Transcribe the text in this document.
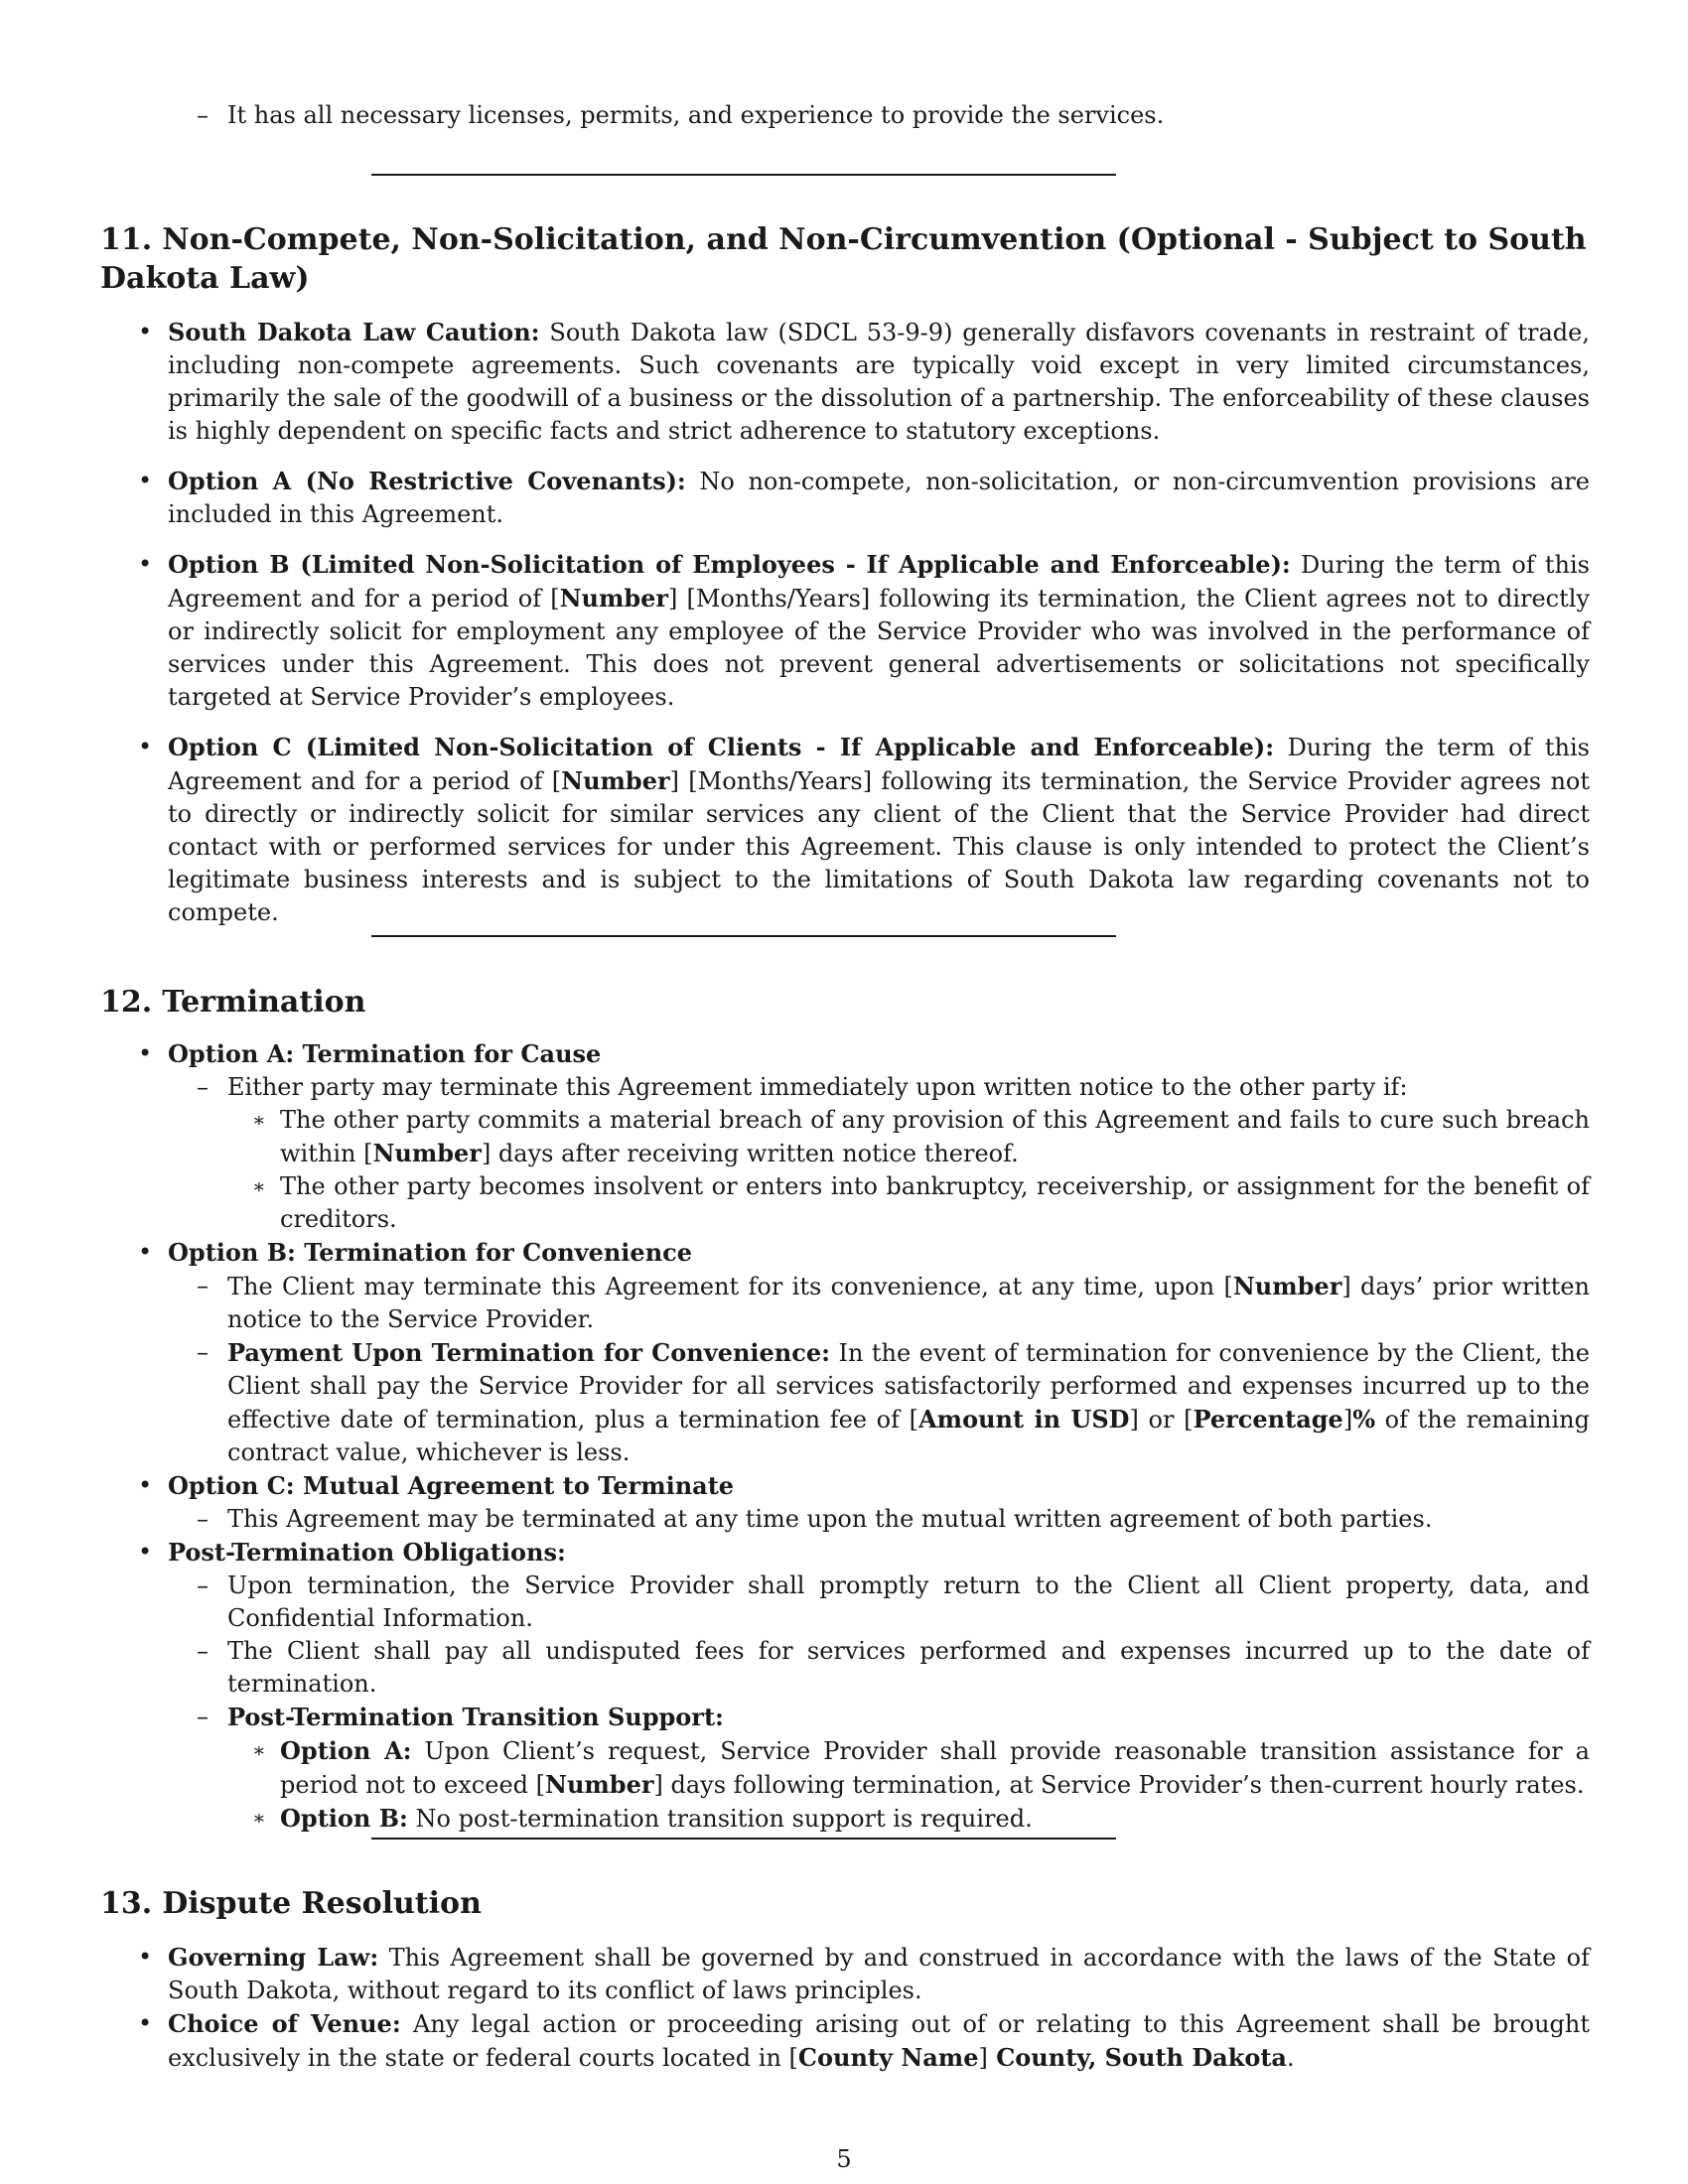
– It has all necessary licenses, permits, and experience to provide the services.
11. Non-Compete, Non-Solicitation, and Non-Circumvention (Optional - Subject to South Dakota Law)
• South Dakota Law Caution: South Dakota law (SDCL 53-9-9) generally disfavors covenants in restraint of trade, including non-compete agreements. Such covenants are typically void except in very limited circumstances, primarily the sale of the goodwill of a business or the dissolution of a partnership. The enforceability of these clauses is highly dependent on specific facts and strict adherence to statutory exceptions.
• Option A (No Restrictive Covenants): No non-compete, non-solicitation, or non-circumvention provisions are included in this Agreement.
• Option B (Limited Non-Solicitation of Employees - If Applicable and Enforceable): During the term of this Agreement and for a period of [Number] [Months/Years] following its termination, the Client agrees not to directly or indirectly solicit for employment any employee of the Service Provider who was involved in the performance of services under this Agreement. This does not prevent general advertisements or solicitations not specifically targeted at Service Provider’s employees.
• Option C (Limited Non-Solicitation of Clients - If Applicable and Enforceable): During the term of this Agreement and for a period of [Number] [Months/Years] following its termination, the Service Provider agrees not to directly or indirectly solicit for similar services any client of the Client that the Service Provider had direct contact with or performed services for under this Agreement. This clause is only intended to protect the Client’s legitimate business interests and is subject to the limitations of South Dakota law regarding covenants not to compete.
12. Termination
• Option A: Termination for Cause
– Either party may terminate this Agreement immediately upon written notice to the other party if:
∗ The other party commits a material breach of any provision of this Agreement and fails to cure such breach within [Number] days after receiving written notice thereof.
∗ The other party becomes insolvent or enters into bankruptcy, receivership, or assignment for the benefit of creditors.
• Option B: Termination for Convenience
– The Client may terminate this Agreement for its convenience, at any time, upon [Number] days’ prior written notice to the Service Provider.
– Payment Upon Termination for Convenience: In the event of termination for convenience by the Client, the Client shall pay the Service Provider for all services satisfactorily performed and expenses incurred up to the effective date of termination, plus a termination fee of [Amount in USD] or [Percentage]% of the remaining contract value, whichever is less.
• Option C: Mutual Agreement to Terminate
– This Agreement may be terminated at any time upon the mutual written agreement of both parties.
• Post-Termination Obligations:
– Upon termination, the Service Provider shall promptly return to the Client all Client property, data, and Confidential Information.
– The Client shall pay all undisputed fees for services performed and expenses incurred up to the date of termination.
– Post-Termination Transition Support:
∗ Option A: Upon Client’s request, Service Provider shall provide reasonable transition assistance for a period not to exceed [Number] days following termination, at Service Provider’s then-current hourly rates.
∗ Option B: No post-termination transition support is required.
13. Dispute Resolution
• Governing Law: This Agreement shall be governed by and construed in accordance with the laws of the State of South Dakota, without regard to its conflict of laws principles.
• Choice of Venue: Any legal action or proceeding arising out of or relating to this Agreement shall be brought exclusively in the state or federal courts located in [County Name] County, South Dakota.
5
